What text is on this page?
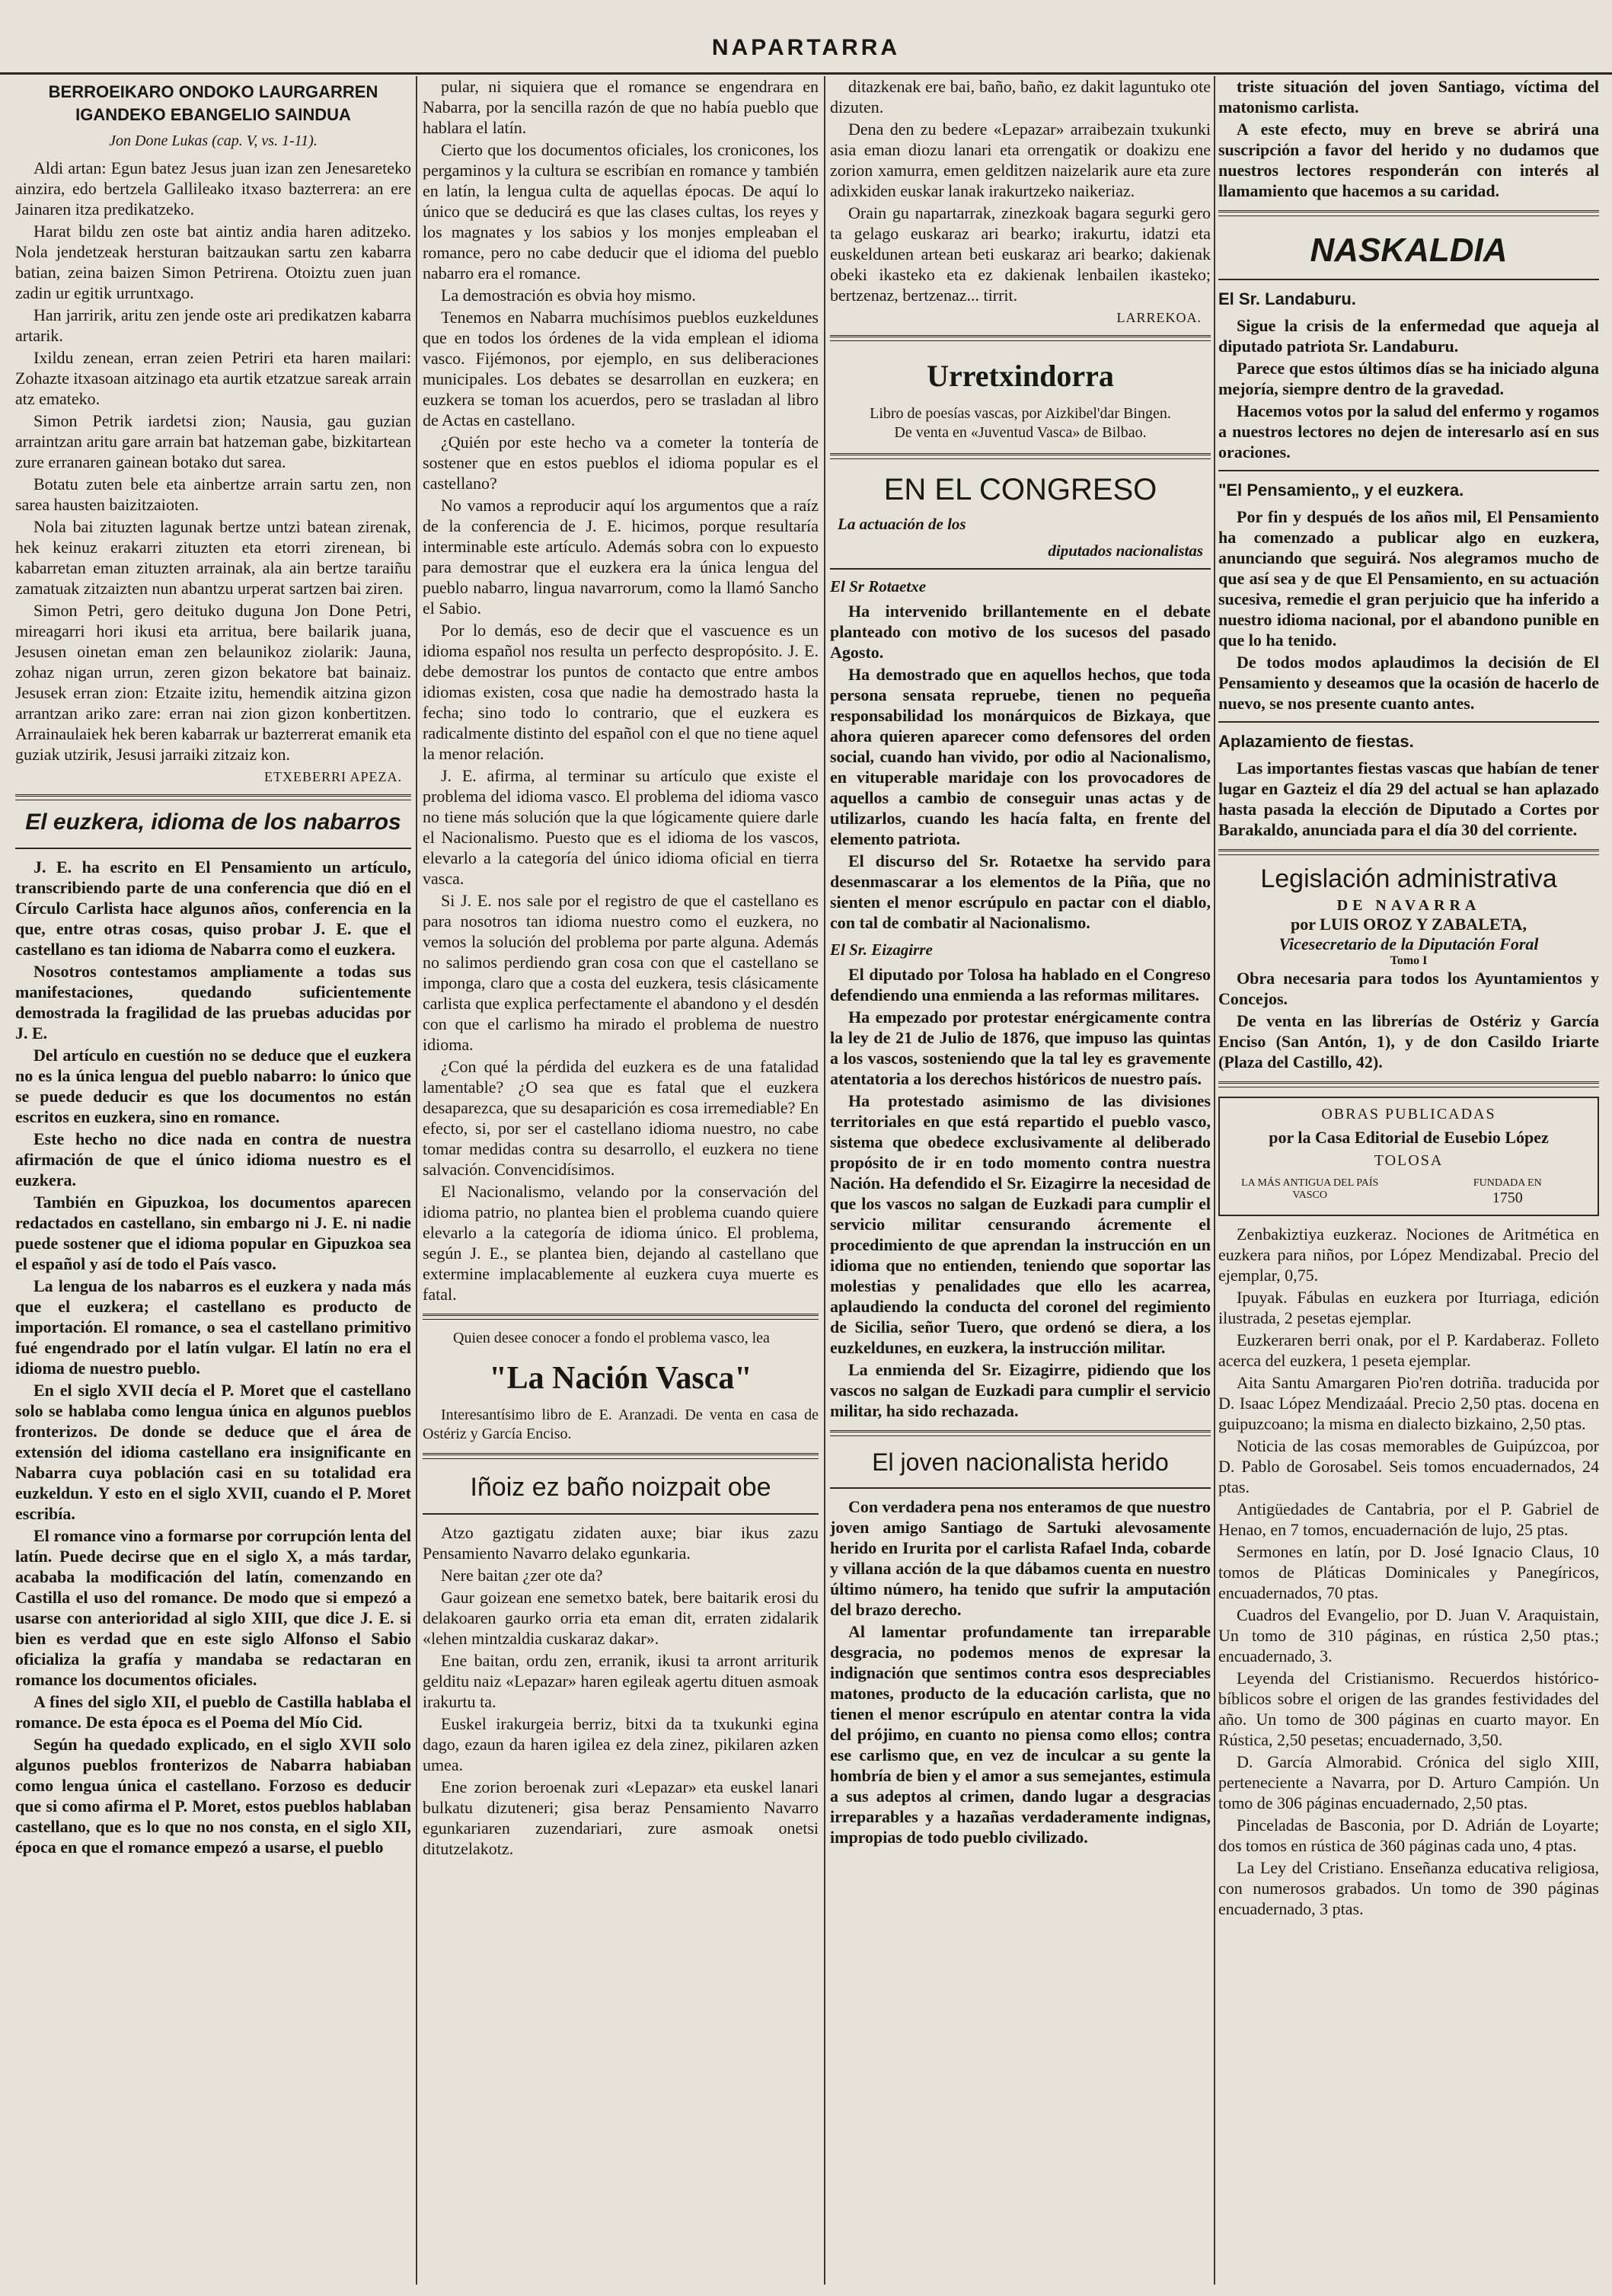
NAPARTARRA
BERROEIKARO ONDOKO LAURGARREN IGANDEKO EBANGELIO SAINDUA
Jon Done Lukas (cap. V, vs. 1-11).

Aldi artan: Egun batez Jesus juan izan zen Jenesareteko ainzira, edo bertzela Gallileako itxaso bazterrera: an ere Jainaren itza predikatzeko.

Harat bildu zen oste bat aintiz andia haren aditzeko. Nola jendetzeak hersturan baitzaukan sartu zen kabarra batian, zeina baizen Simon Petrirena. Otoiztu zuen juan zadin ur egitik urruntxago.

Han jarririk, aritu zen jende oste ari predikatzen kabarra artarik.

Ixildu zenean, erran zeien Petriri eta haren mailari: Zohazte itxasoan aitzinago eta aurtik etzatzue sareak arrain atz emateko.

Simon Petrik iardetsi zion; Nausia, gau guzian arraintzan aritu gare arrain bat hatzeman gabe, bizkitartean zure erranaren gainean botako dut sarea.

Botatu zuten bele eta ainbertze arrain sartu zen, non sarea hausten baizitzaioten.

Nola bai zituzten lagunak bertze untzi batean zirenak, hek keinuz erakarri zituzten eta etorri zirenean, bi kabarretan eman zituzten arrainak, ala ain bertze taraiñu zamatuak zitzaizten nun abantzu urperat sartzen bai ziren.

Simon Petri, gero deituko duguna Jon Done Petri, mireagarri hori ikusi eta arritua, bere bailarik juana, Jesusen oinetan eman zen belaunikoz ziolarik: Jauna, zohaz nigan urrun, zeren gizon bekatore bat bainaiz. Jesusek erran zion: Etzaite izitu, hemendik aitzina gizon arrantzan ariko zare: erran nai zion gizon konbertitzen. Arrainaulaiek hek beren kabarrak ur bazterrerat emanik eta guziak utzirik, Jesusi jarraiki zitzaiz kon.

ETXEBERRI APEZA.
El euzkera, idioma de los nabarros

J. E. ha escrito en El Pensamiento un artículo, transcribiendo parte de una conferencia que dió en el Círculo Carlista hace algunos años, conferencia en la que, entre otras cosas, quiso probar J. E. que el castellano es tan idioma de Nabarra como el euzkera.

Nosotros contestamos ampliamente a todas sus manifestaciones, quedando suficientemente demostrada la fragilidad de las pruebas aducidas por J. E.

Del artículo en cuestión no se deduce que el euzkera no es la única lengua del pueblo nabarro: lo único que se puede deducir es que los documentos no están escritos en euzkera, sino en romance.

Este hecho no dice nada en contra de nuestra afirmación de que el único idioma nuestro es el euzkera.

También en Gipuzkoa, los documentos aparecen redactados en castellano, sin embargo ni J. E. ni nadie puede sostener que el idioma popular en Gipuzkoa sea el español y así de todo el País vasco.

La lengua de los nabarros es el euzkera y nada más que el euzkera; el castellano es producto de importación. El romance, o sea el castellano primitivo fué engendrado por el latín vulgar. El latín no era el idioma de nuestro pueblo.

En el siglo XVII decía el P. Moret que el castellano solo se hablaba como lengua única en algunos pueblos fronterizos. De donde se deduce que el área de extensión del idioma castellano era insignificante en Nabarra cuya población casi en su totalidad era euzkeldun. Y esto en el siglo XVII, cuando el P. Moret escribía.

El romance vino a formarse por corrupción lenta del latín. Puede decirse que en el siglo X, a más tardar, acababa la modificación del latín, comenzando en Castilla el uso del romance. De modo que si empezó a usarse con anterioridad al siglo XIII, que dice J. E. si bien es verdad que en este siglo Alfonso el Sabio oficializa la grafía y mandaba se redactaran en romance los documentos oficiales.

A fines del siglo XII, el pueblo de Castilla hablaba el romance. De esta época es el Poema del Mío Cid.

Según ha quedado explicado, en el siglo XVII solo algunos pueblos fronterizos de Nabarra habiaban como lengua única el castellano. Forzoso es deducir que si como afirma el P. Moret, estos pueblos hablaban castellano, que es lo que no nos consta, en el siglo XII, época en que el romance empezó a usarse, el pueblo

pular, ni siquiera que el romance se engendrara en Nabarra, por la sencilla razón de que no había pueblo que hablara el latín.

Cierto que los documentos oficiales, los cronicones, los pergaminos y la cultura se escribían en romance y también en latín, la lengua culta de aquellas épocas. De aquí lo único que se deducirá es que las clases cultas, los reyes y los magnates y los sabios y los monjes empleaban el romance, pero no cabe deducir que el idioma del pueblo nabarro era el romance.

La demostración es obvia hoy mismo.

Tenemos en Nabarra muchísimos pueblos euzkeldunes que en todos los órdenes de la vida emplean el idioma vasco. Fijémonos, por ejemplo, en sus deliberaciones municipales. Los debates se desarrollan en euzkera; en euzkera se toman los acuerdos, pero se trasladan al libro de Actas en castellano.

¿Quién por este hecho va a cometer la tontería de sostener que en estos pueblos el idioma popular es el castellano?

No vamos a reproducir aquí los argumentos que a raíz de la conferencia de J. E. hicimos, porque resultaría interminable este artículo. Además sobra con lo expuesto para demostrar que el euzkera era la única lengua del pueblo nabarro, lingua navarrorum, como la llamó Sancho el Sabio.

Por lo demás, eso de decir que el vascuence es un idioma español nos resulta un perfecto despropósito. J. E. debe demostrar los puntos de contacto que entre ambos idiomas existen, cosa que nadie ha demostrado hasta la fecha; sino todo lo contrario, que el euzkera es radicalmente distinto del español con el que no tiene aquel la menor relación.

J. E. afirma, al terminar su artículo que existe el problema del idioma vasco. El problema del idioma vasco no tiene más solución que la que lógicamente quiere darle el Nacionalismo. Puesto que es el idioma de los vascos, elevarlo a la categoría del único idioma oficial en tierra vasca.

Si J. E. nos sale por el registro de que el castellano es para nosotros tan idioma nuestro como el euzkera, no vemos la solución del problema por parte alguna. Además no salimos perdiendo gran cosa con que el castellano se imponga, claro que a costa del euzkera, tesis clásicamente carlista que explica perfectamente el abandono y el desdén con que el carlismo ha mirado el problema de nuestro idioma.

¿Con qué la pérdida del euzkera es de una fatalidad lamentable? ¿O sea que es fatal que el euzkera desaparezca, que su desaparición es cosa irremediable? En efecto, si, por ser el castellano idioma nuestro, no cabe tomar medidas contra su desarrollo, el euzkera no tiene salvación. Convencidísimos.

El Nacionalismo, velando por la conservación del idioma patrio, no plantea bien el problema cuando quiere elevarlo a la categoría de idioma único. El problema, según J. E., se plantea bien, dejando al castellano que extermine implacablemente al euzkera cuya muerte es fatal.

Quien desee conocer a fondo el problema vasco, lea
"La Nación Vasca"
Interesantísimo libro de E. Aranzadi. De venta en casa de Ostériz y García Enciso.
Iñoiz ez baño noizpait obe

Atzo gaztigatu zidaten auxe; biar ikus zazu Pensamiento Navarro delako egunkaria.

Nere baitan ¿zer ote da?

Gaur goizean ene semetxo batek, bere baitarik erosi du delakoaren gaurko orria eta eman dit, erraten zidalarik «lehen mintzaldia cuskaraz dakar».

Ene baitan, ordu zen, erranik, ikusi ta arront arriturik gelditu naiz «Lepazar» haren egileak agertu dituen asmoak irakurtu ta.

Euskel irakurgeia berriz, bitxi da ta txukunki egina dago, ezaun da haren igilea ez dela zinez, pikilaren azken umea.

Ene zorion beroenak zuri «Lepazar» eta euskel lanari bulkatu dizuteneri; gisa beraz Pensamiento Navarro egunkariaren zuzendariari, zure asmoak onetsi ditutzelakotz.

ditazkenak ere bai, baño, baño, ez dakit laguntuko ote dizuten.

Dena den zu bedere «Lepazar» arraibezain txukunki asia eman diozu lanari eta orrengatik or doakizu ene zorion xamurra, emen gelditzen naizelarik aure eta zure adixkiden euskar lanak irakurtzeko naikeriaz.

Orain gu napartarrak, zinezkoak bagara segurki gero ta gelago euskaraz ari bearko; irakurtu, idatzi eta euskeldunen artean beti euskaraz ari bearko; dakienak obeki ikasteko eta ez dakienak lenbailen ikasteko; bertzenaz, bertzenaz... tirrit.

LARREKOA.
Urretxindorra
Libro de poesías vascas, por Aizkibel'dar Bingen.
De venta en «Juventud Vasca» de Bilbao.
EN EL CONGRESO
La actuación de los
diputados nacionalistas
El Sr Rotaetxe

Ha intervenido brillantemente en el debate planteado con motivo de los sucesos del pasado Agosto.

Ha demostrado que en aquellos hechos, que toda persona sensata repruebe, tienen no pequeña responsabilidad los monárquicos de Bizkaya, que ahora quieren aparecer como defensores del orden social, cuando han vivido, por odio al Nacionalismo, en vituperable maridaje con los provocadores de aquellos a cambio de conseguir unas actas y de utilizarlos, cuando les hacía falta, en frente del elemento patriota.

El discurso del Sr. Rotaetxe ha servido para desenmascarar a los elementos de la Piña, que no sienten el menor escrúpulo en pactar con el diablo, con tal de combatir al Nacionalismo.

El Sr. Eizagirre

El diputado por Tolosa ha hablado en el Congreso defendiendo una enmienda a las reformas militares.

Ha empezado por protestar enérgicamente contra la ley de 21 de Julio de 1876, que impuso las quintas a los vascos, sosteniendo que la tal ley es gravemente atentatoria a los derechos históricos de nuestro país.

Ha protestado asimismo de las divisiones territoriales en que está repartido el pueblo vasco, sistema que obedece exclusivamente al deliberado propósito de ir en todo momento contra nuestra Nación. Ha defendido el Sr. Eizagirre la necesidad de que los vascos no salgan de Euzkadi para cumplir el servicio militar censurando ácremente el procedimiento de que aprendan la instrucción en un idioma que no entienden, teniendo que soportar las molestias y penalidades que ello les acarrea, aplaudiendo la conducta del coronel del regimiento de Sicilia, señor Tuero, que ordenó se diera, a los euzkeldunes, en euzkera, la instrucción militar.

La enmienda del Sr. Eizagirre, pidiendo que los vascos no salgan de Euzkadi para cumplir el servicio militar, ha sido rechazada.

El joven nacionalista herido

Con verdadera pena nos enteramos de que nuestro joven amigo Santiago de Sartuki alevosamente herido en Irurita por el carlista Rafael Inda, cobarde y villana acción de la que dábamos cuenta en nuestro último número, ha tenido que sufrir la amputación del brazo derecho.

Al lamentar profundamente tan irreparable desgracia, no podemos menos de expresar la indignación que sentimos contra esos despreciables matones, producto de la educación carlista, que no tienen el menor escrúpulo en atentar contra la vida del prójimo, en cuanto no piensa como ellos; contra ese carlismo que, en vez de inculcar a su gente la hombría de bien y el amor a sus semejantes, estimula a sus adeptos al crimen, dando lugar a desgracias irreparables y a hazañas verdaderamente indignas, impropias de todo pueblo civilizado.

triste situación del joven Santiago, víctima del matonismo carlista.

A este efecto, muy en breve se abrirá una suscripción a favor del herido y no dudamos que nuestros lectores responderán con interés al llamamiento que hacemos a su caridad.

NASKALDIA
El Sr. Landaburu.

Sigue la crisis de la enfermedad que aqueja al diputado patriota Sr. Landaburu.

Parece que estos últimos días se ha iniciado alguna mejoría, siempre dentro de la gravedad.

Hacemos votos por la salud del enfermo y rogamos a nuestros lectores no dejen de interesarlo así en sus oraciones.

"El Pensamiento„ y el euzkera.

Por fin y después de los años mil, El Pensamiento ha comenzado a publicar algo en euzkera, anunciando que seguirá. Nos alegramos mucho de que así sea y de que El Pensamiento, en su actuación sucesiva, remedie el gran perjuicio que ha inferido a nuestro idioma nacional, por el abandono punible en que lo ha tenido.

De todos modos aplaudimos la decisión de El Pensamiento y deseamos que la ocasión de hacerlo de nuevo, se nos presente cuanto antes.

Aplazamiento de fiestas.
Las importantes fiestas vascas que habían de tener lugar en Gazteiz el día 29 del actual se han aplazado hasta pasada la elección de Diputado a Cortes por Barakaldo, anunciada para el día 30 del corriente.
Legislación administrativa
DE NAVARRA
por LUIS OROZ Y ZABALETA,
Vicesecretario de la Diputación Foral
Tomo I

Obra necesaria para todos los Ayuntamientos y Concejos.

De venta en las librerías de Ostériz y García Enciso (San Antón, 1), y de don Casildo Iriarte (Plaza del Castillo, 42).

OBRAS PUBLICADAS
por la Casa Editorial de Eusebio López
TOLOSA
LA MÁS ANTIGUA DEL PAÍS VASCO
FUNDADA EN
1750

Zenbakiztiya euzkeraz. Nociones de Aritmética en euzkera para niños, por López Mendizabal. Precio del ejemplar, 0,75.

Ipuyak. Fábulas en euzkera por Iturriaga, edición ilustrada, 2 pesetas ejemplar.

Euzkeraren berri onak, por el P. Kardaberaz. Folleto acerca del euzkera, 1 peseta ejemplar.

Aita Santu Amargaren Pio'ren dotriña. traducida por D. Isaac López Mendizaáal. Precio 2,50 ptas. docena en guipuzcoano; la misma en dialecto bizkaino, 2,50 ptas.

Noticia de las cosas memorables de Guipúzcoa, por D. Pablo de Gorosabel. Seis tomos encuadernados, 24 ptas.

Antigüedades de Cantabria, por el P. Gabriel de Henao, en 7 tomos, encuadernación de lujo, 25 ptas.

Sermones en latín, por D. José Ignacio Claus, 10 tomos de Pláticas Dominicales y Panegíricos, encuadernados, 70 ptas.

Cuadros del Evangelio, por D. Juan V. Araquistain, Un tomo de 310 páginas, en rústica 2,50 ptas.; encuadernado, 3.

Leyenda del Cristianismo. Recuerdos histórico-bíblicos sobre el origen de las grandes festividades del año. Un tomo de 300 páginas en cuarto mayor. En Rústica, 2,50 pesetas; encuadernado, 3,50.

D. García Almorabid. Crónica del siglo XIII, perteneciente a Navarra, por D. Arturo Campión. Un tomo de 306 páginas encuadernado, 2,50 ptas.

Pinceladas de Basconia, por D. Adrián de Loyarte; dos tomos en rústica de 360 páginas cada uno, 4 ptas.

La Ley del Cristiano. Enseñanza educativa religiosa, con numerosos grabados. Un tomo de 390 páginas encuadernado, 3 ptas.
